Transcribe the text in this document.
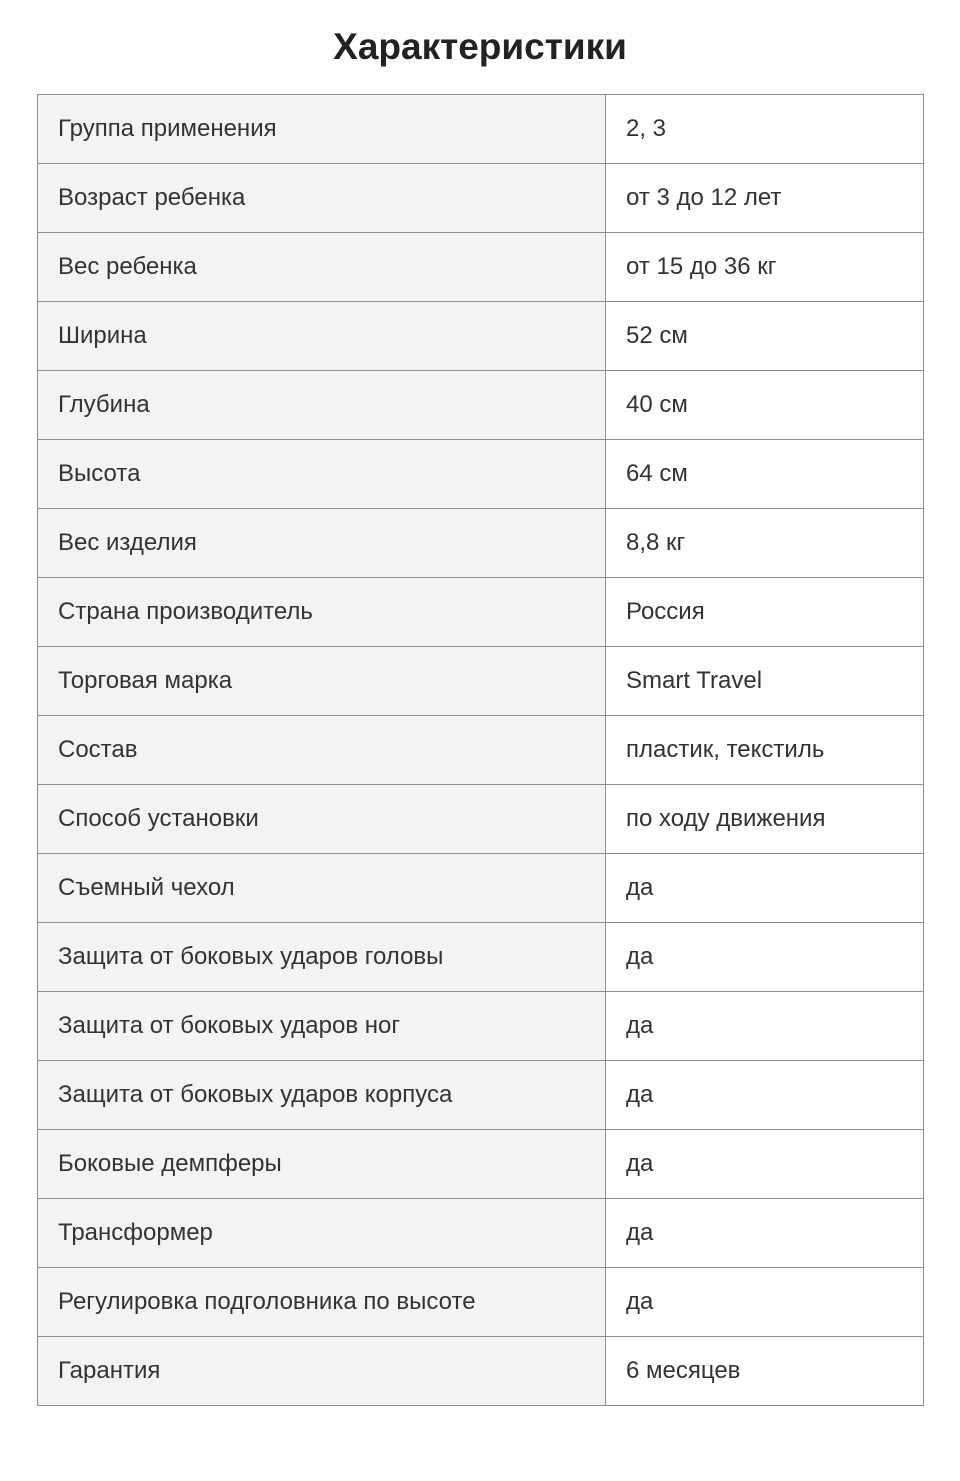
Характеристики
Группа применения	2, 3
Возраст ребенка	от 3 до 12 лет
Вес ребенка	от 15 до 36 кг
Ширина	52 см
Глубина	40 см
Высота	64 см
Вес изделия	8,8 кг
Страна производитель	Россия
Торговая марка	Smart Travel
Состав	пластик, текстиль
Способ установки	по ходу движения
Съемный чехол	да
Защита от боковых ударов головы	да
Защита от боковых ударов ног	да
Защита от боковых ударов корпуса	да
Боковые демпферы	да
Трансформер	да
Регулировка подголовника по высоте	да
Гарантия	6 месяцев
